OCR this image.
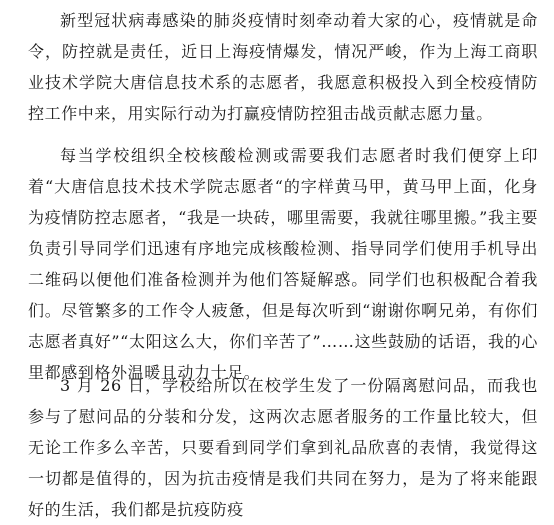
新型冠状病毒感染的肺炎疫情时刻牵动着大家的心，疫情就是命令，防控就是责任，近日上海疫情爆发，情况严峻，作为上海工商职业技术学院大唐信息技术系的志愿者，我愿意积极投入到全校疫情防控工作中来，用实际行动为打赢疫情防控狙击战贡献志愿力量。

每当学校组织全校核酸检测或需要我们志愿者时我们便穿上印着“大唐信息技术技术学院志愿者“的字样黄马甲，黄马甲上面，化身为疫情防控志愿者，“我是一块砖，哪里需要，我就往哪里搬。”我主要负责引导同学们迅速有序地完成核酸检测、指导同学们使用手机导出二维码以便他们准备检测并为他们答疑解惑。同学们也积极配合着我们。尽管繁多的工作令人疲惫，但是每次听到“谢谢你啊兄弟，有你们志愿者真好”“太阳这么大，你们辛苦了”……这些鼓励的话语，我的心里都感到格外温暖且动力十足。

3 月 26 日，学校给所以在校学生发了一份隔离慰问品，而我也参与了慰问品的分装和分发，这两次志愿者服务的工作量比较大，但无论工作多么辛苦，只要看到同学们拿到礼品欣喜的表情，我觉得这一切都是值得的，因为抗击疫情是我们共同在努力，是为了将来能跟好的生活，我们都是抗疫防疫
